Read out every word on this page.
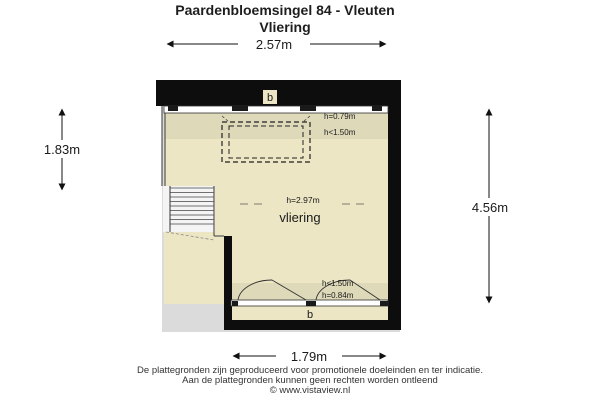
Paardenbloemsingel 84 - Vleuten
Vliering
2.57m
1.83m
4.56m
1.79m
h=2.97m
vliering
h=0.79m
h<1.50m
h<1.50m
h=0.84m
b
b
De plattegronden zijn geproduceerd voor promotionele doeleinden en ter indicatie.
Aan de plattegronden kunnen geen rechten worden ontleend
© www.vistaview.nl
